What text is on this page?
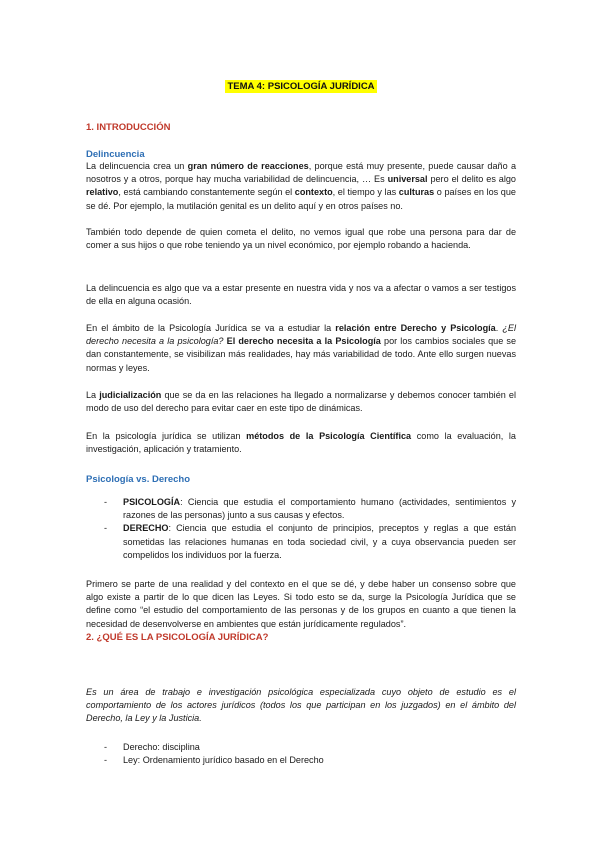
TEMA 4: PSICOLOGÍA JURÍDICA
1. INTRODUCCIÓN
Delincuencia

La delincuencia crea un gran número de reacciones, porque está muy presente, puede causar daño a nosotros y a otros, porque hay mucha variabilidad de delincuencia, … Es universal pero el delito es algo relativo, está cambiando constantemente según el contexto, el tiempo y las culturas o países en los que se dé. Por ejemplo, la mutilación genital es un delito aquí y en otros países no.

También todo depende de quien cometa el delito, no vemos igual que robe una persona para dar de comer a sus hijos o que robe teniendo ya un nivel económico, por ejemplo robando a hacienda.

La delincuencia es algo que va a estar presente en nuestra vida y nos va a afectar o vamos a ser testigos de ella en alguna ocasión.

En el ámbito de la Psicología Jurídica se va a estudiar la relación entre Derecho y Psicología. ¿El derecho necesita a la psicología? El derecho necesita a la Psicología por los cambios sociales que se dan constantemente, se visibilizan más realidades, hay más variabilidad de todo. Ante ello surgen nuevas normas y leyes.

La judicialización que se da en las relaciones ha llegado a normalizarse y debemos conocer también el modo de uso del derecho para evitar caer en este tipo de dinámicas.

En la psicología jurídica se utilizan métodos de la Psicología Científica como la evaluación, la investigación, aplicación y tratamiento.

Psicología vs. Derecho
- PSICOLOGÍA: Ciencia que estudia el comportamiento humano (actividades, sentimientos y razones de las personas) junto a sus causas y efectos.
- DERECHO: Ciencia que estudia el conjunto de principios, preceptos y reglas a que están sometidas las relaciones humanas en toda sociedad civil, y a cuya observancia pueden ser compelidos los individuos por la fuerza.

Primero se parte de una realidad y del contexto en el que se dé, y debe haber un consenso sobre que algo existe a partir de lo que dicen las Leyes. Si todo esto se da, surge la Psicología Jurídica que se define como “el estudio del comportamiento de las personas y de los grupos en cuanto a que tienen la necesidad de desenvolverse en ambientes que están jurídicamente regulados”.

2. ¿QUÉ ES LA PSICOLOGÍA JURÍDICA?

Es un área de trabajo e investigación psicológica especializada cuyo objeto de estudio es el comportamiento de los actores jurídicos (todos los que participan en los juzgados) en el ámbito del Derecho, la Ley y la Justicia.

- Derecho: disciplina
- Ley: Ordenamiento jurídico basado en el Derecho
